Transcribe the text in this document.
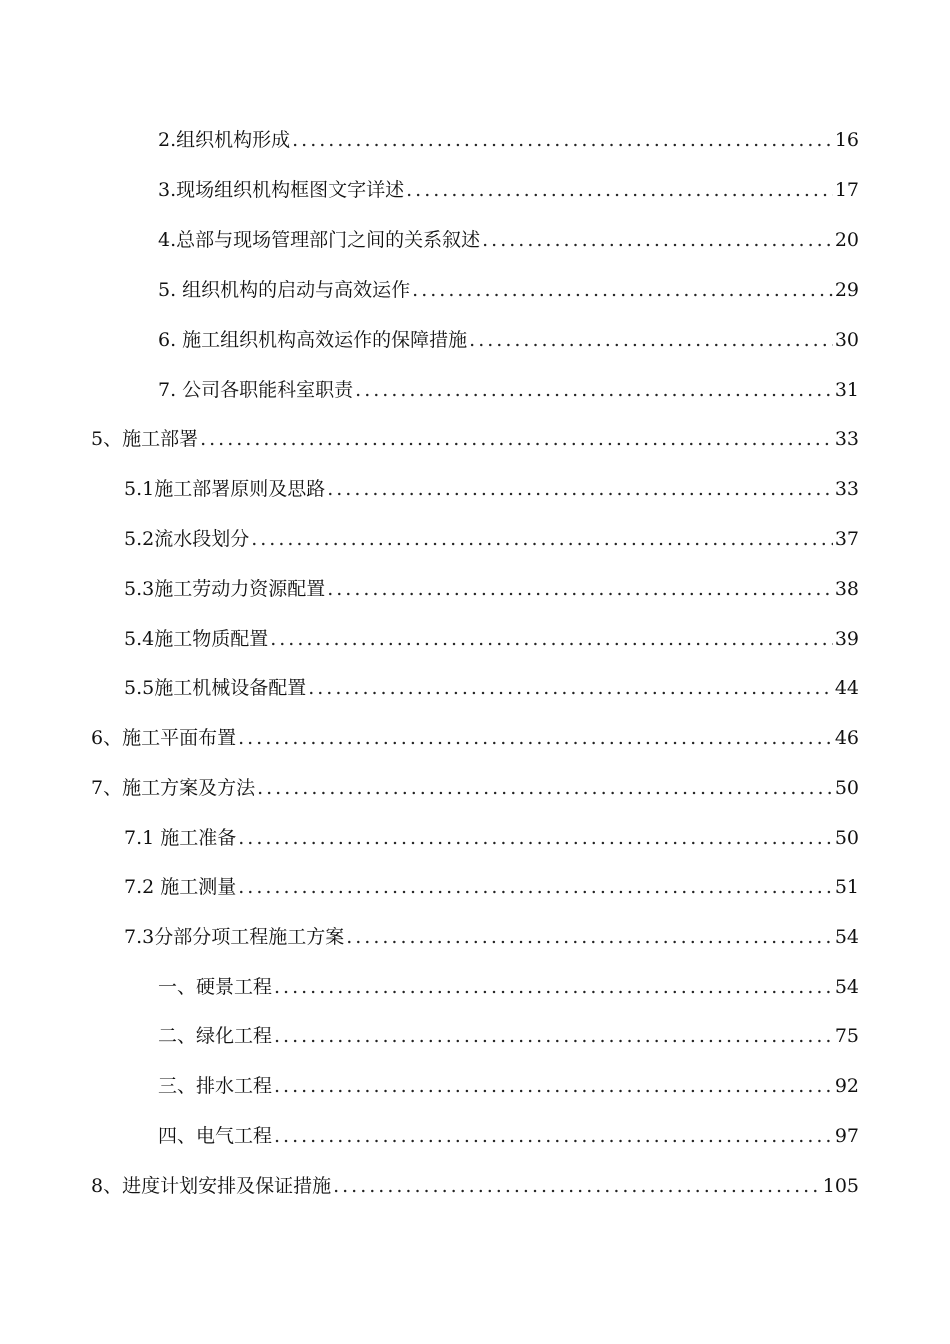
2.组织机构形成 .....	16
3.现场组织机构框图文字详述 .....	17
4.总部与现场管理部门之间的关系叙述 .....	20
5. 组织机构的启动与高效运作 .....	29
6. 施工组织机构高效运作的保障措施 .....	30
7. 公司各职能科室职责 .....	31
5、施工部署 .....	33
5.1施工部署原则及思路 .....	33
5.2流水段划分 .....	37
5.3施工劳动力资源配置 .....	38
5.4施工物质配置 .....	39
5.5施工机械设备配置 .....	44
6、施工平面布置 .....	46
7、施工方案及方法 .....	50
7.1 施工准备 .....	50
7.2 施工测量 .....	51
7.3分部分项工程施工方案 .....	54
一、硬景工程 .....	54
二、绿化工程 .....	75
三、排水工程 .....	92
四、电气工程 .....	97
8、进度计划安排及保证措施 .....	105
